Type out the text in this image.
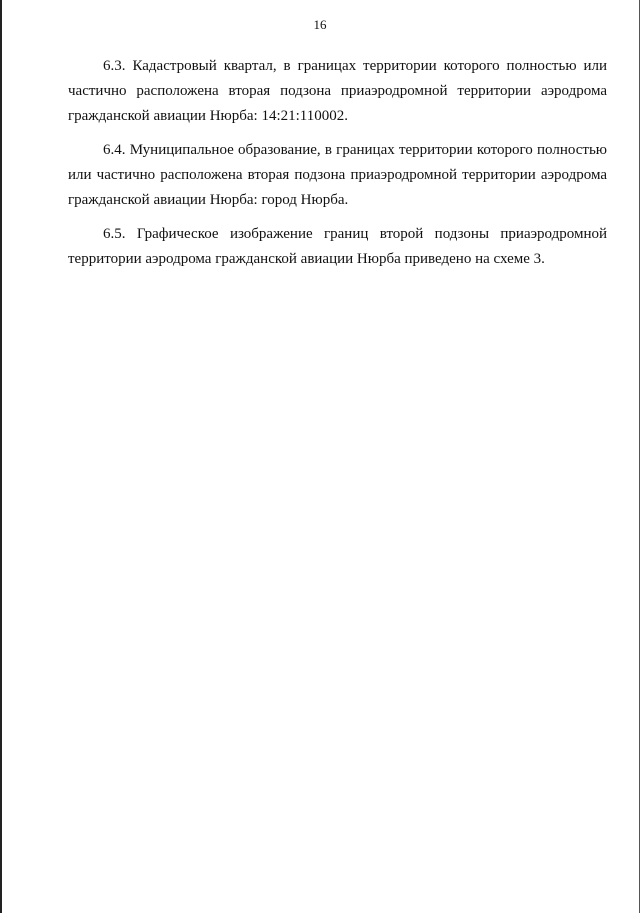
16

6.3. Кадастровый квартал, в границах территории которого полностью или частично расположена вторая подзона приаэродромной территории аэродрома гражданской авиации Нюрба: 14:21:110002.

6.4. Муниципальное образование, в границах территории которого полностью или частично расположена вторая подзона приаэродромной территории аэродрома гражданской авиации Нюрба: город Нюрба.

6.5. Графическое изображение границ второй подзоны приаэродромной территории аэродрома гражданской авиации Нюрба приведено на схеме 3.
